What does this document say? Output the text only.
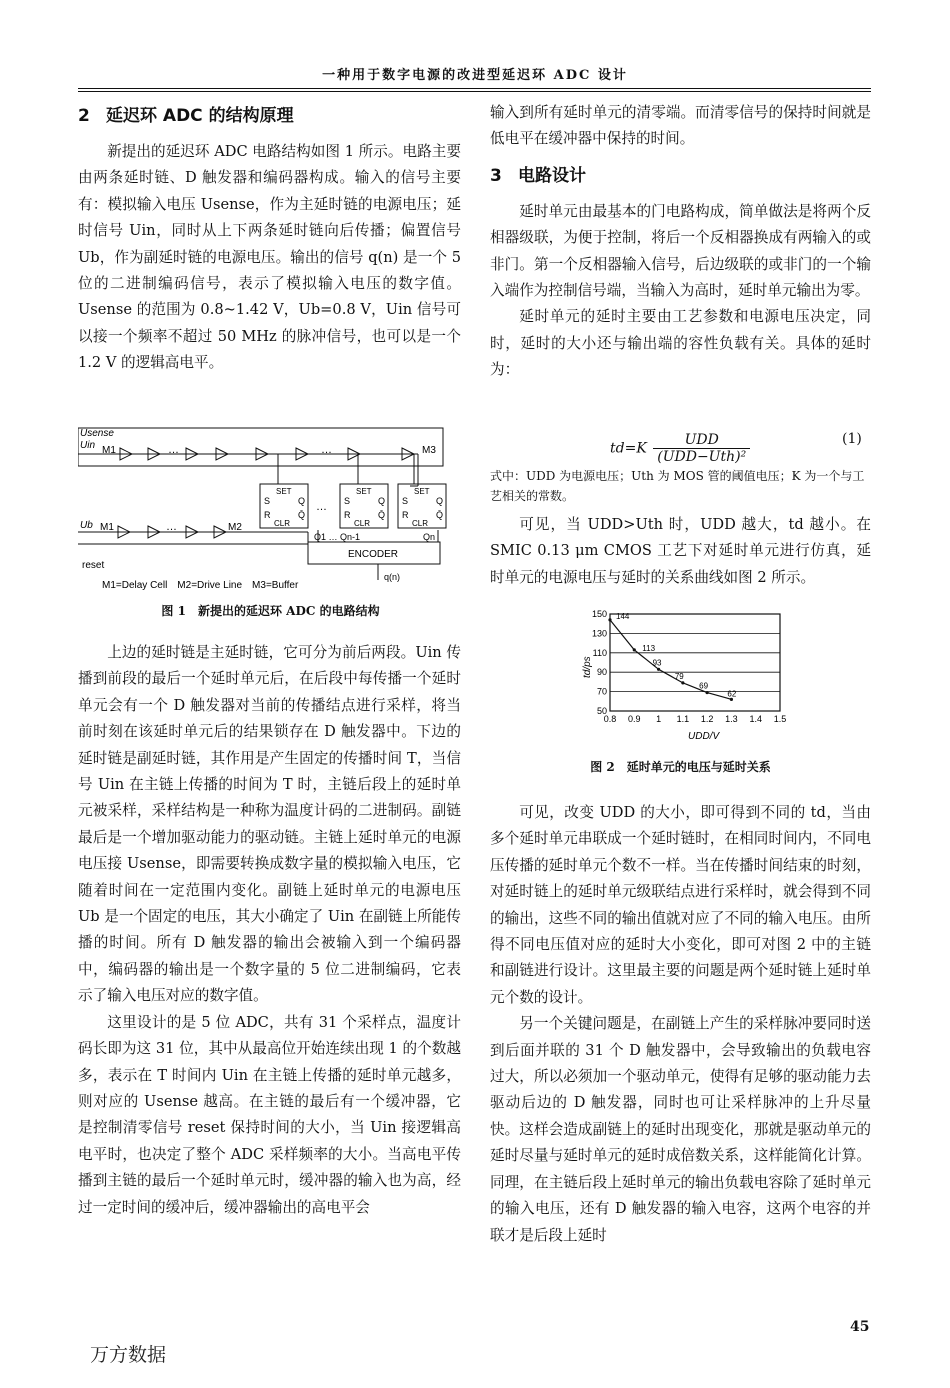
一种用于数字电源的改进型延迟环 ADC 设计
2 延迟环 ADC 的结构原理

新提出的延迟环 ADC 电路结构如图 1 所示。电路主要由两条延时链、D 触发器和编码器构成。输入的信号主要有：模拟输入电压 Usense，作为主延时链的电源电压；延时信号 Uin，同时从上下两条延时链向后传播；偏置信号 Ub，作为副延时链的电源电压。输出的信号 q(n) 是一个 5 位的二进制编码信号，表示了模拟输入电压的数字值。Usense 的范围为 0.8~1.42 V，Ub=0.8 V，Uin 信号可以接一个频率不超过 50 MHz 的脉冲信号，也可以是一个 1.2 V 的逻辑高电平。

Usense
Uin
Ub
reset
M1
M1	M2
M3
…	…
…
…
SET
S	Q
R	Q̄
CLR
SET
S	Q
R	Q̄
CLR
SET
S	Q
R	Q̄
CLR
Q1 … Qn-1	Qn
ENCODER
q(n)
M1=Delay Cell　M2=Drive Line　M3=Buffer
图 1　新提出的延迟环 ADC 的电路结构

上边的延时链是主延时链，它可分为前后两段。Uin 传播到前段的最后一个延时单元后，在后段中每传播一个延时单元会有一个 D 触发器对当前的传播结点进行采样，将当前时刻在该延时单元后的结果锁存在 D 触发器中。下边的延时链是副延时链，其作用是产生固定的传播时间 T，当信号 Uin 在主链上传播的时间为 T 时，主链后段上的延时单元被采样，采样结构是一种称为温度计码的二进制码。副链最后是一个增加驱动能力的驱动链。主链上延时单元的电源电压接 Usense，即需要转换成数字量的模拟输入电压，它随着时间在一定范围内变化。副链上延时单元的电源电压 Ub 是一个固定的电压，其大小确定了 Uin 在副链上所能传播的时间。所有 D 触发器的输出会被输入到一个编码器中，编码器的输出是一个数字量的 5 位二进制编码，它表示了输入电压对应的数字值。

这里设计的是 5 位 ADC，共有 31 个采样点，温度计码长即为这 31 位，其中从最高位开始连续出现 1 的个数越多，表示在 T 时间内 Uin 在主链上传播的延时单元越多，则对应的 Usense 越高。在主链的最后有一个缓冲器，它是控制清零信号 reset 保持时间的大小，当 Uin 接逻辑高电平时，也决定了整个 ADC 采样频率的大小。当高电平传播到主链的最后一个延时单元时，缓冲器的输入也为高，经过一定时间的缓冲后，缓冲器输出的高电平会

输入到所有延时单元的清零端。而清零信号的保持时间就是低电平在缓冲器中保持的时间。

3 电路设计

延时单元由最基本的门电路构成，简单做法是将两个反相器级联，为便于控制，将后一个反相器换成有两输入的或非门。第一个反相器输入信号，后边级联的或非门的一个输入端作为控制信号端，当输入为高时，延时单元输出为零。

延时单元的延时主要由工艺参数和电源电压决定，同时，延时的大小还与输出端的容性负载有关。具体的延时为：

td=K
UDD
(UDD−Uth)²
(1)
式中：UDD 为电源电压；Uth 为 MOS 管的阈值电压；K 为一个与工艺相关的常数。

可见，当 UDD>Uth 时，UDD 越大，td 越小。在 SMIC 0.13 μm CMOS 工艺下对延时单元进行仿真，延时单元的电源电压与延时的关系曲线如图 2 所示。

144
113
93
79
69
62
0.8 0.9 1 1.1 1.2 1.3 1.4 1.5
50
70
90
110
130
150
UDD/V
td/ps
图 2　延时单元的电压与延时关系

可见，改变 UDD 的大小，即可得到不同的 td，当由多个延时单元串联成一个延时链时，在相同时间内，不同电压传播的延时单元个数不一样。当在传播时间结束的时刻，对延时链上的延时单元级联结点进行采样时，就会得到不同的输出，这些不同的输出值就对应了不同的输入电压。由所得不同电压值对应的延时大小变化，即可对图 2 中的主链和副链进行设计。这里最主要的问题是两个延时链上延时单元个数的设计。

另一个关键问题是，在副链上产生的采样脉冲要同时送到后面并联的 31 个 D 触发器中，会导致输出的负载电容过大，所以必须加一个驱动单元，使得有足够的驱动能力去驱动后边的 D 触发器，同时也可让采样脉冲的上升尽量快。这样会造成副链上的延时出现变化，那就是驱动单元的延时尽量与延时单元的延时成倍数关系，这样能简化计算。同理，在主链后段上延时单元的输出负载电容除了延时单元的输入电压，还有 D 触发器的输入电容，这两个电容的并联才是后段上延时

45
万方数据
